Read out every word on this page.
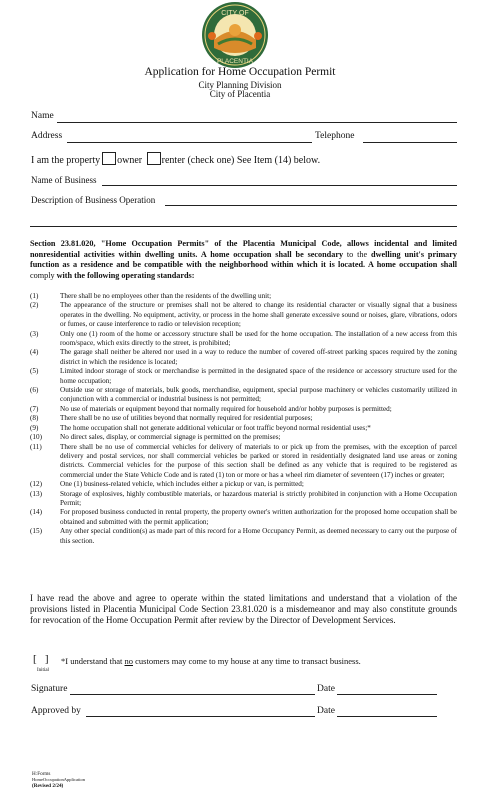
CITY OF
PLACENTIA
Application for Home Occupation Permit
City Planning Division
City of Placentia
Name
Address	Telephone
I am the property owner renter (check one) See Item (14) below.
Name of Business
Description of Business Operation
Section 23.81.020, "Home Occupation Permits" of the Placentia Municipal Code, allows incidental and limited nonresidential activities within dwelling units. A home occupation shall be secondary to the dwelling unit's primary function as a residence and be compatible with the neighborhood within which it is located. A home occupation shall comply with the following operating standards:
(1)	There shall be no employees other than the residents of the dwelling unit;
(2)	The appearance of the structure or premises shall not be altered to change its residential character or visually signal that a business operates in the dwelling. No equipment, activity, or process in the home shall generate excessive sound or noises, glare, vibrations, odors or fumes, or cause interference to radio or television reception;
(3)	Only one (1) room of the home or accessory structure shall be used for the home occupation. The installation of a new access from this room/space, which exits directly to the street, is prohibited;
(4)	The garage shall neither be altered nor used in a way to reduce the number of covered off-street parking spaces required by the zoning district in which the residence is located;
(5)	Limited indoor storage of stock or merchandise is permitted in the designated space of the residence or accessory structure used for the home occupation;
(6)	Outside use or storage of materials, bulk goods, merchandise, equipment, special purpose machinery or vehicles customarily utilized in conjunction with a commercial or industrial business is not permitted;
(7)	No use of materials or equipment beyond that normally required for household and/or hobby purposes is permitted;
(8)	There shall be no use of utilities beyond that normally required for residential purposes;
(9)	The home occupation shall not generate additional vehicular or foot traffic beyond normal residential uses;*
(10)	No direct sales, display, or commercial signage is permitted on the premises;
(11)	There shall be no use of commercial vehicles for delivery of materials to or pick up from the premises, with the exception of parcel delivery and postal services, nor shall commercial vehicles be parked or stored in residentially designated land use areas or zoning districts. Commercial vehicles for the purpose of this section shall be defined as any vehicle that is required to be registered as commercial under the State Vehicle Code and is rated (1) ton or more or has a wheel rim diameter of seventeen (17) inches or greater;
(12)	One (1) business-related vehicle, which includes either a pickup or van, is permitted;
(13)	Storage of explosives, highly combustible materials, or hazardous material is strictly prohibited in conjunction with a Home Occupation Permit;
(14)	For proposed business conducted in rental property, the property owner's written authorization for the proposed home occupation shall be obtained and submitted with the permit application;
(15)	Any other special condition(s) as made part of this record for a Home Occupancy Permit, as deemed necessary to carry out the purpose of this section.
I have read the above and agree to operate within the stated limitations and understand that a violation of the provisions listed in Placentia Municipal Code Section 23.81.020 is a misdemeanor and may also constitute grounds for revocation of the Home Occupation Permit after review by the Director of Development Services.
[   ]
Initial
*I understand that no customers may come to my house at any time to transact business.
Signature	Date
Approved by	Date
H:Forms
HomeOccupationApplication
(Revised 2/24)
